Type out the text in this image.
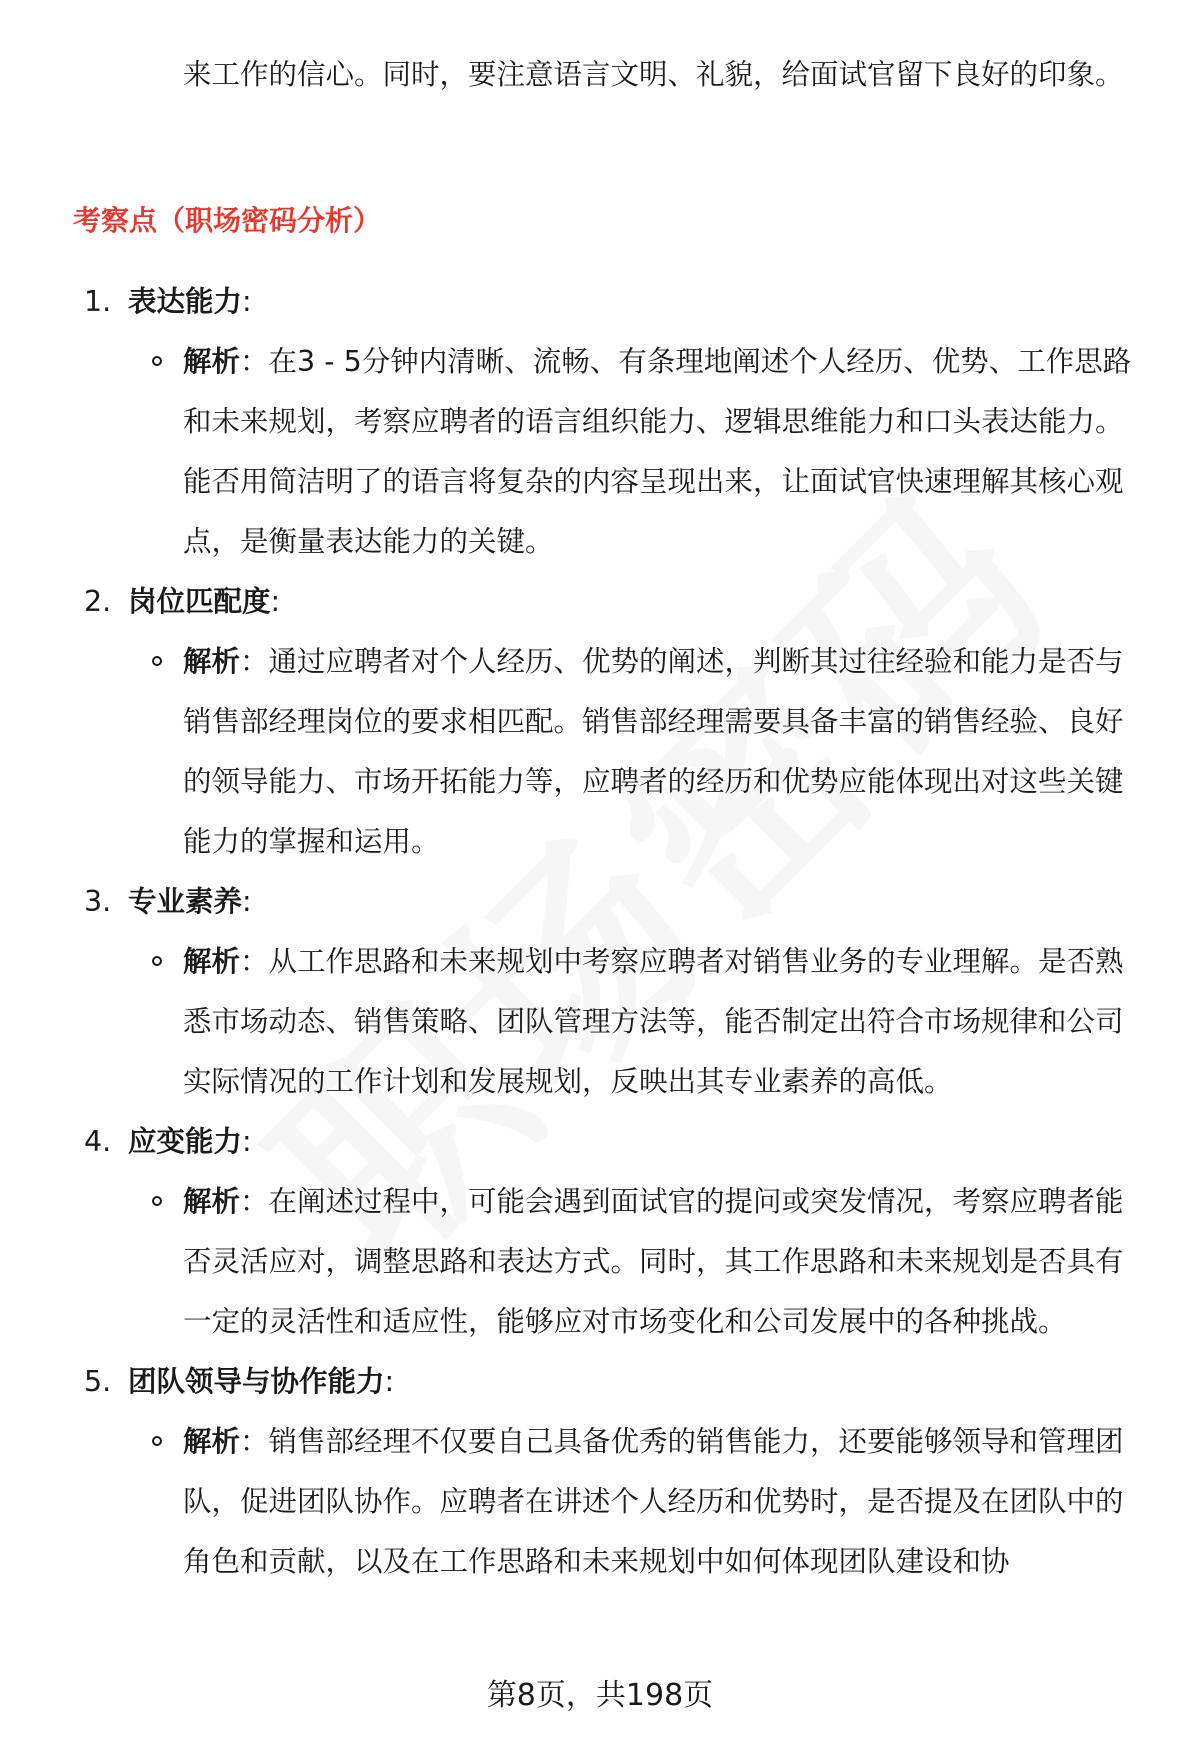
来工作的信心。同时，要注意语言文明、礼貌，给面试官留下良好的印象。

考察点（职场密码分析）
1. 表达能力:

解析：在3 - 5分钟内清晰、流畅、有条理地阐述个人经历、优势、工作思路和未来规划，考察应聘者的语言组织能力、逻辑思维能力和口头表达能力。能否用简洁明了的语言将复杂的内容呈现出来，让面试官快速理解其核心观点，是衡量表达能力的关键。

2. 岗位匹配度:

解析：通过应聘者对个人经历、优势的阐述，判断其过往经验和能力是否与销售部经理岗位的要求相匹配。销售部经理需要具备丰富的销售经验、良好的领导能力、市场开拓能力等，应聘者的经历和优势应能体现出对这些关键能力的掌握和运用。

3. 专业素养:

解析：从工作思路和未来规划中考察应聘者对销售业务的专业理解。是否熟悉市场动态、销售策略、团队管理方法等，能否制定出符合市场规律和公司实际情况的工作计划和发展规划，反映出其专业素养的高低。

4. 应变能力:

解析：在阐述过程中，可能会遇到面试官的提问或突发情况，考察应聘者能否灵活应对，调整思路和表达方式。同时，其工作思路和未来规划是否具有一定的灵活性和适应性，能够应对市场变化和公司发展中的各种挑战。

5. 团队领导与协作能力:

解析：销售部经理不仅要自己具备优秀的销售能力，还要能够领导和管理团队，促进团队协作。应聘者在讲述个人经历和优势时，是否提及在团队中的角色和贡献，以及在工作思路和未来规划中如何体现团队建设和协

第8页，共198页
